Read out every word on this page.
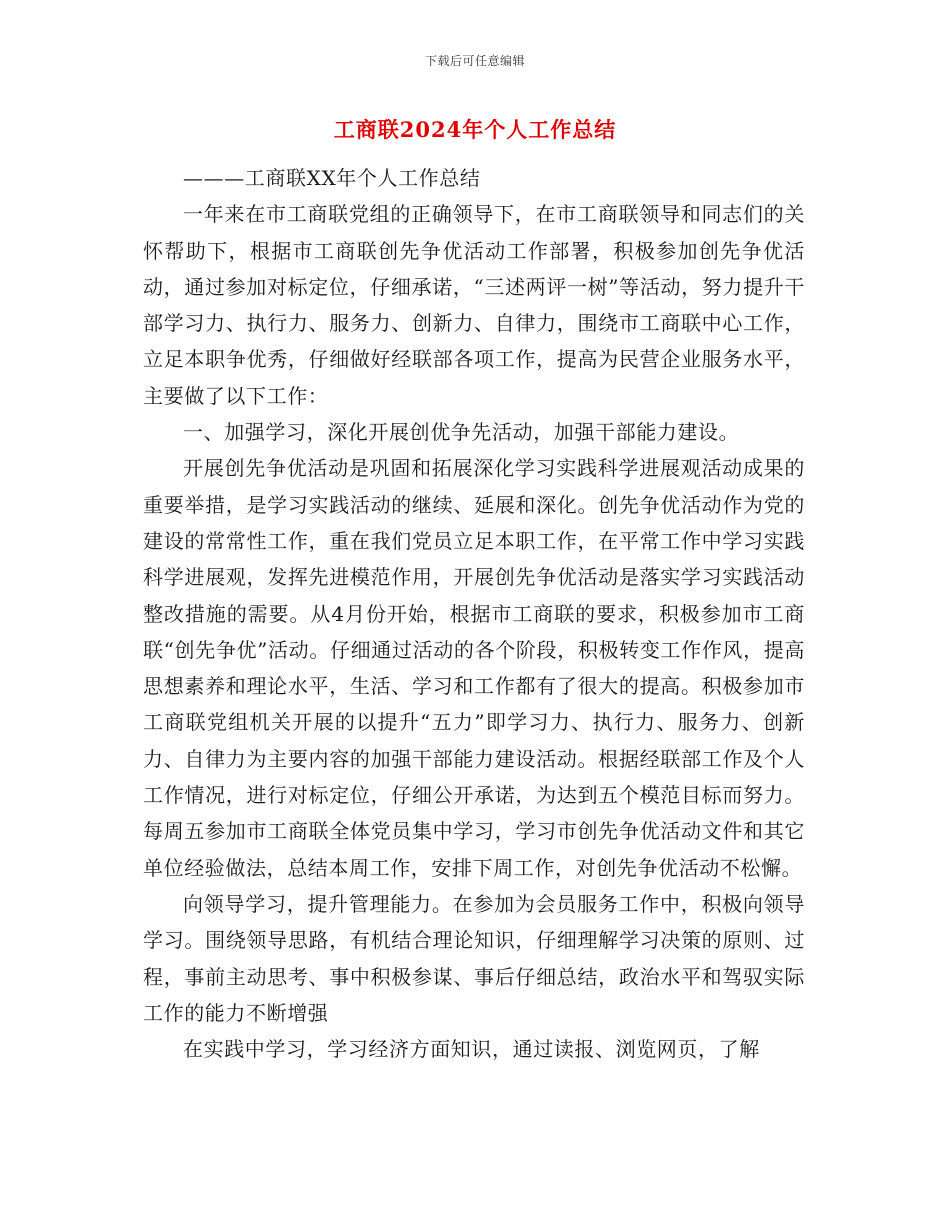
下载后可任意编辑
工商联2024年个人工作总结

———工商联XX年个人工作总结

一年来在市工商联党组的正确领导下，在市工商联领导和同志们的关怀帮助下，根据市工商联创先争优活动工作部署，积极参加创先争优活动，通过参加对标定位，仔细承诺，“三述两评一树”等活动，努力提升干部学习力、执行力、服务力、创新力、自律力，围绕市工商联中心工作，立足本职争优秀，仔细做好经联部各项工作，提高为民营企业服务水平，主要做了以下工作：

一、加强学习，深化开展创优争先活动，加强干部能力建设。

开展创先争优活动是巩固和拓展深化学习实践科学进展观活动成果的重要举措，是学习实践活动的继续、延展和深化。创先争优活动作为党的建设的常常性工作，重在我们党员立足本职工作，在平常工作中学习实践科学进展观，发挥先进模范作用，开展创先争优活动是落实学习实践活动整改措施的需要。从4月份开始，根据市工商联的要求，积极参加市工商联“创先争优”活动。仔细通过活动的各个阶段，积极转变工作作风，提高思想素养和理论水平，生活、学习和工作都有了很大的提高。积极参加市工商联党组机关开展的以提升“五力”即学习力、执行力、服务力、创新力、自律力为主要内容的加强干部能力建设活动。根据经联部工作及个人工作情况，进行对标定位，仔细公开承诺，为达到五个模范目标而努力。每周五参加市工商联全体党员集中学习，学习市创先争优活动文件和其它单位经验做法，总结本周工作，安排下周工作，对创先争优活动不松懈。

向领导学习，提升管理能力。在参加为会员服务工作中，积极向领导学习。围绕领导思路，有机结合理论知识，仔细理解学习决策的原则、过程，事前主动思考、事中积极参谋、事后仔细总结，政治水平和驾驭实际工作的能力不断增强

在实践中学习，学习经济方面知识，通过读报、浏览网页，了解
